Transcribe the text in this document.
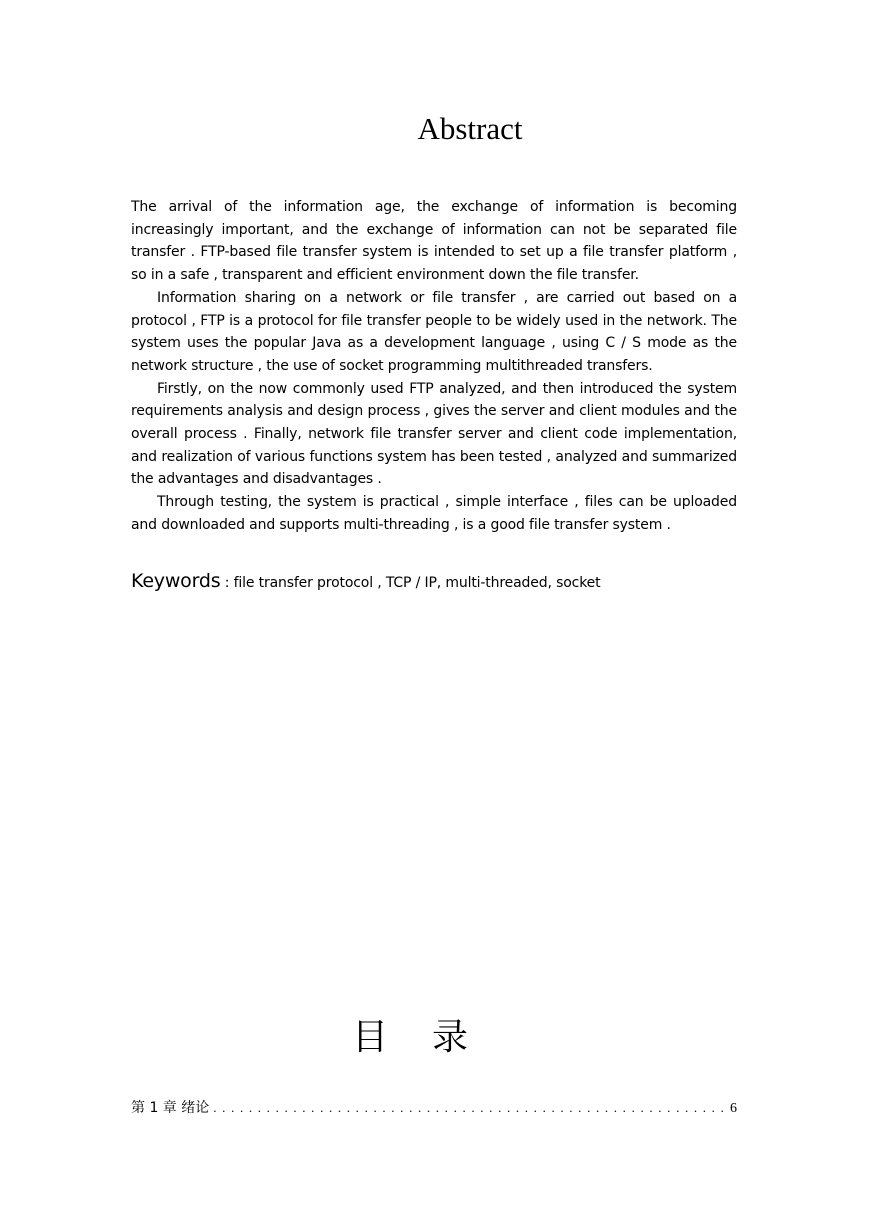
Abstract

The arrival of the information age, the exchange of information is becoming increasingly important, and the exchange of information can not be separated file transfer . FTP-based file transfer system is intended to set up a file transfer platform , so in a safe , transparent and efficient environment down the file transfer.

Information sharing on a network or file transfer , are carried out based on a protocol , FTP is a protocol for file transfer people to be widely used in the network. The system uses the popular Java as a development language , using C / S mode as the network structure , the use of socket programming multithreaded transfers.

Firstly, on the now commonly used FTP analyzed, and then introduced the system requirements analysis and design process , gives the server and client modules and the overall process . Finally, network file transfer server and client code implementation, and realization of various functions system has been tested , analyzed and summarized the advantages and disadvantages .

Through testing, the system is practical , simple interface , files can be uploaded and downloaded and supports multi-threading , is a good file transfer system .

Keywords : file transfer protocol , TCP / IP, multi-threaded, socket
目录
第 1 章 绪论
. . .	6
